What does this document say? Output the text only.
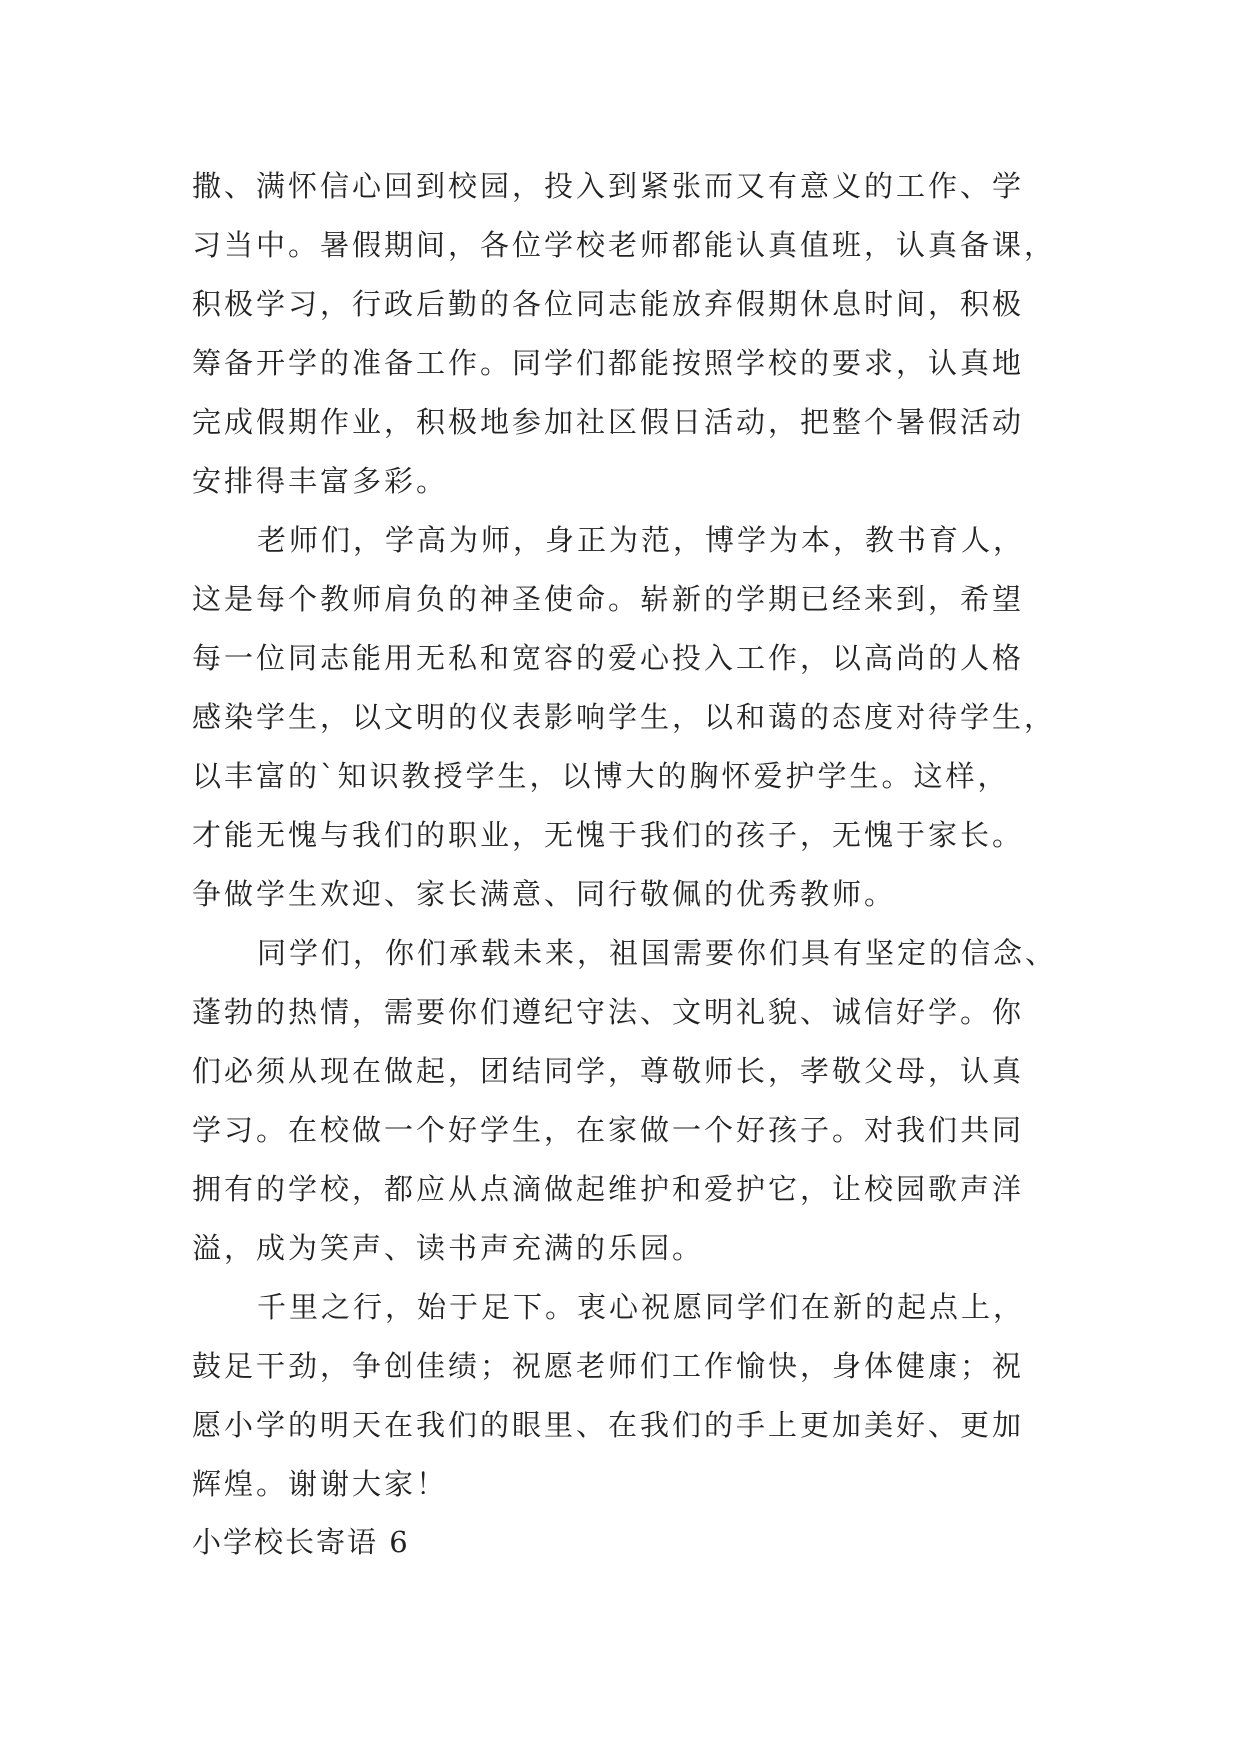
撒、满怀信心回到校园，投入到紧张而又有意义的工作、学
习当中。暑假期间，各位学校老师都能认真值班，认真备课，
积极学习，行政后勤的各位同志能放弃假期休息时间，积极
筹备开学的准备工作。同学们都能按照学校的要求，认真地
完成假期作业，积极地参加社区假日活动，把整个暑假活动
安排得丰富多彩。
老师们，学高为师，身正为范，博学为本，教书育人，
这是每个教师肩负的神圣使命。崭新的学期已经来到，希望
每一位同志能用无私和宽容的爱心投入工作，以高尚的人格
感染学生，以文明的仪表影响学生，以和蔼的态度对待学生，
以丰富的`知识教授学生，以博大的胸怀爱护学生。这样，
才能无愧与我们的职业，无愧于我们的孩子，无愧于家长。
争做学生欢迎、家长满意、同行敬佩的优秀教师。
同学们，你们承载未来，祖国需要你们具有坚定的信念、
蓬勃的热情，需要你们遵纪守法、文明礼貌、诚信好学。你
们必须从现在做起，团结同学，尊敬师长，孝敬父母，认真
学习。在校做一个好学生，在家做一个好孩子。对我们共同
拥有的学校，都应从点滴做起维护和爱护它，让校园歌声洋
溢，成为笑声、读书声充满的乐园。
千里之行，始于足下。衷心祝愿同学们在新的起点上，
鼓足干劲，争创佳绩；祝愿老师们工作愉快，身体健康；祝
愿小学的明天在我们的眼里、在我们的手上更加美好、更加
辉煌。谢谢大家！
小学校长寄语 6
